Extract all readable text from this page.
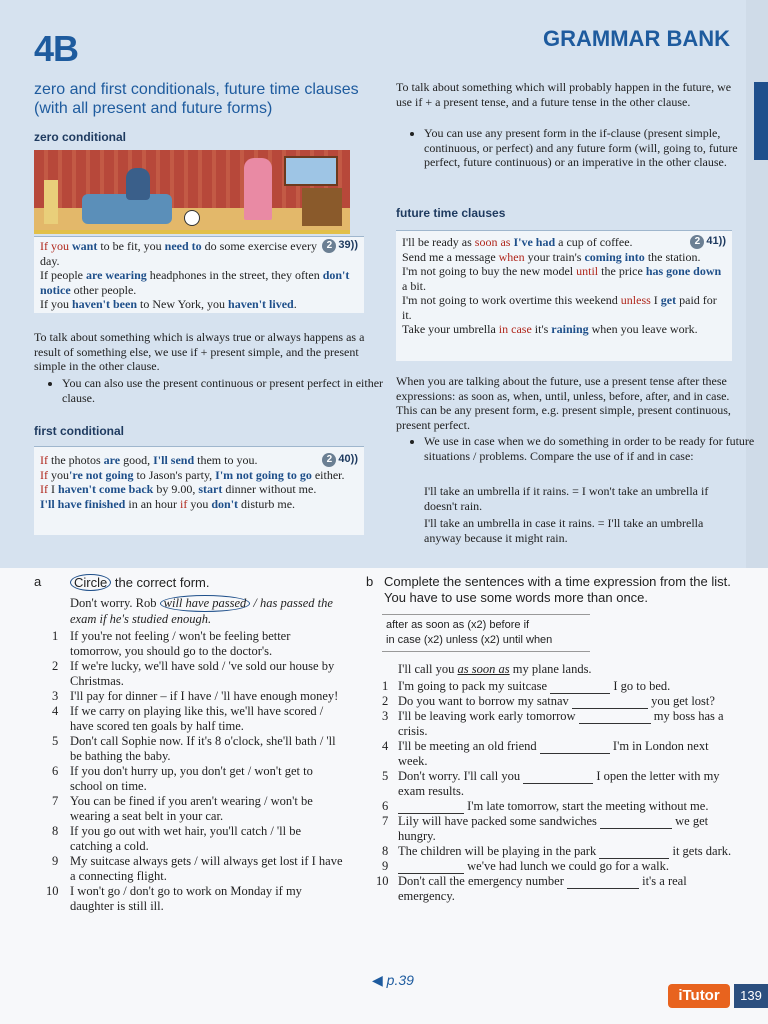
4B	GRAMMAR BANK
zero and first conditionals, future time clauses (with all present and future forms)
zero conditional

If you want to be fit, you need to do some exercise every day.

If people are wearing headphones in the street, they often don't notice other people.

If you haven't been to New York, you haven't lived.

2 39))

To talk about something which is always true or always happens as a result of something else, we use if + present simple, and the present simple in the other clause.

• You can also use the present continuous or present perfect in either clause.
first conditional

If the photos are good, I'll send them to you.

If you're not going to Jason's party, I'm not going to go either.

If I haven't come back by 9.00, start dinner without me.

I'll have finished in an hour if you don't disturb me.

2 40))

To talk about something which will probably happen in the future, we use if + a present tense, and a future tense in the other clause.

• You can use any present form in the if-clause (present simple, continuous, or perfect) and any future form (will, going to, future perfect, future continuous) or an imperative in the other clause.
future time clauses

I'll be ready as soon as I've had a cup of coffee.

Send me a message when your train's coming into the station.

I'm not going to buy the new model until the price has gone down a bit.

I'm not going to work overtime this weekend unless I get paid for it.

Take your umbrella in case it's raining when you leave work.

2 41))

When you are talking about the future, use a present tense after these expressions: as soon as, when, until, unless, before, after, and in case. This can be any present form, e.g. present simple, present continuous, present perfect.

• We use in case when we do something in order to be ready for future situations / problems. Compare the use of if and in case:

I'll take an umbrella if it rains. = I won't take an umbrella if doesn't rain.

I'll take an umbrella in case it rains. = I'll take an umbrella anyway because it might rain.

a	Circle the correct form.
Don't worry. Rob will have passed / has passed the exam if he's studied enough.
1 If you're not feeling / won't be feeling better tomorrow, you should go to the doctor's.
2 If we're lucky, we'll have sold / 've sold our house by Christmas.
3 I'll pay for dinner – if I have / 'll have enough money!
4 If we carry on playing like this, we'll have scored / have scored ten goals by half time.
5 Don't call Sophie now. If it's 8 o'clock, she'll bath / 'll be bathing the baby.
6 If you don't hurry up, you don't get / won't get to school on time.
7 You can be fined if you aren't wearing / won't be wearing a seat belt in your car.
8 If you go out with wet hair, you'll catch / 'll be catching a cold.
9 My suitcase always gets / will always get lost if I have a connecting flight.
10 I won't go / don't go to work on Monday if my daughter is still ill.
b Complete the sentences with a time expression from the list. You have to use some words more than once.
after as soon as (x2) before if
in case (x2) unless (x2) until when
I'll call you as soon as my plane lands.
1 I'm going to pack my suitcase	I go to bed.
2 Do you want to borrow my satnav	you get lost?
3 I'll be leaving work early tomorrow	my boss has a crisis.
4 I'll be meeting an old friend	I'm in London next week.
5 Don't worry. I'll call you	I open the letter with my exam results.
6	I'm late tomorrow, start the meeting without me.
7 Lily will have packed some sandwiches	we get hungry.
8 The children will be playing in the park	it gets dark.
9	we've had lunch we could go for a walk.
10 Don't call the emergency number	it's a real emergency.
◀ p.39
iTutor	139
